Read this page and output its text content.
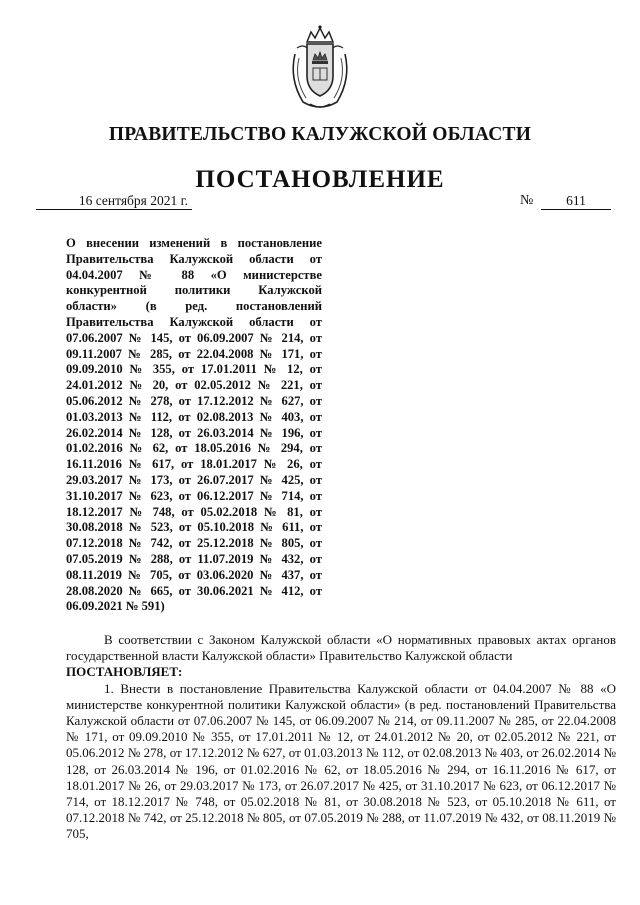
ПРАВИТЕЛЬСТВО КАЛУЖСКОЙ ОБЛАСТИ
ПОСТАНОВЛЕНИЕ
16 сентября 2021 г.	№	611
О внесении изменений в постановление Правительства Калужской области от 04.04.2007 № 88 «О министерстве конкурентной политики Калужской области» (в ред. постановлений Правительства Калужской области от 07.06.2007 № 145, от 06.09.2007 № 214, от 09.11.2007 № 285, от 22.04.2008 № 171, от 09.09.2010 № 355, от 17.01.2011 № 12, от 24.01.2012 № 20, от 02.05.2012 № 221, от 05.06.2012 № 278, от 17.12.2012 № 627, от 01.03.2013 № 112, от 02.08.2013 № 403, от 26.02.2014 № 128, от 26.03.2014 № 196, от 01.02.2016 № 62, от 18.05.2016 № 294, от 16.11.2016 № 617, от 18.01.2017 № 26, от 29.03.2017 № 173, от 26.07.2017 № 425, от 31.10.2017 № 623, от 06.12.2017 № 714, от 18.12.2017 № 748, от 05.02.2018 № 81, от 30.08.2018 № 523, от 05.10.2018 № 611, от 07.12.2018 № 742, от 25.12.2018 № 805, от 07.05.2019 № 288, от 11.07.2019 № 432, от 08.11.2019 № 705, от 03.06.2020 № 437, от 28.08.2020 № 665, от 30.06.2021 № 412, от 06.09.2021 № 591)

В соответствии с Законом Калужской области «О нормативных правовых актах органов государственной власти Калужской области» Правительство Калужской области

ПОСТАНОВЛЯЕТ:

1. Внести в постановление Правительства Калужской области от 04.04.2007 № 88 «О министерстве конкурентной политики Калужской области» (в ред. постановлений Правительства Калужской области от 07.06.2007 № 145, от 06.09.2007 № 214, от 09.11.2007 № 285, от 22.04.2008 № 171, от 09.09.2010 № 355, от 17.01.2011 № 12, от 24.01.2012 № 20, от 02.05.2012 № 221, от 05.06.2012 № 278, от 17.12.2012 № 627, от 01.03.2013 № 112, от 02.08.2013 № 403, от 26.02.2014 № 128, от 26.03.2014 № 196, от 01.02.2016 № 62, от 18.05.2016 № 294, от 16.11.2016 № 617, от 18.01.2017 № 26, от 29.03.2017 № 173, от 26.07.2017 № 425, от 31.10.2017 № 623, от 06.12.2017 № 714, от 18.12.2017 № 748, от 05.02.2018 № 81, от 30.08.2018 № 523, от 05.10.2018 № 611, от 07.12.2018 № 742, от 25.12.2018 № 805, от 07.05.2019 № 288, от 11.07.2019 № 432, от 08.11.2019 № 705,
